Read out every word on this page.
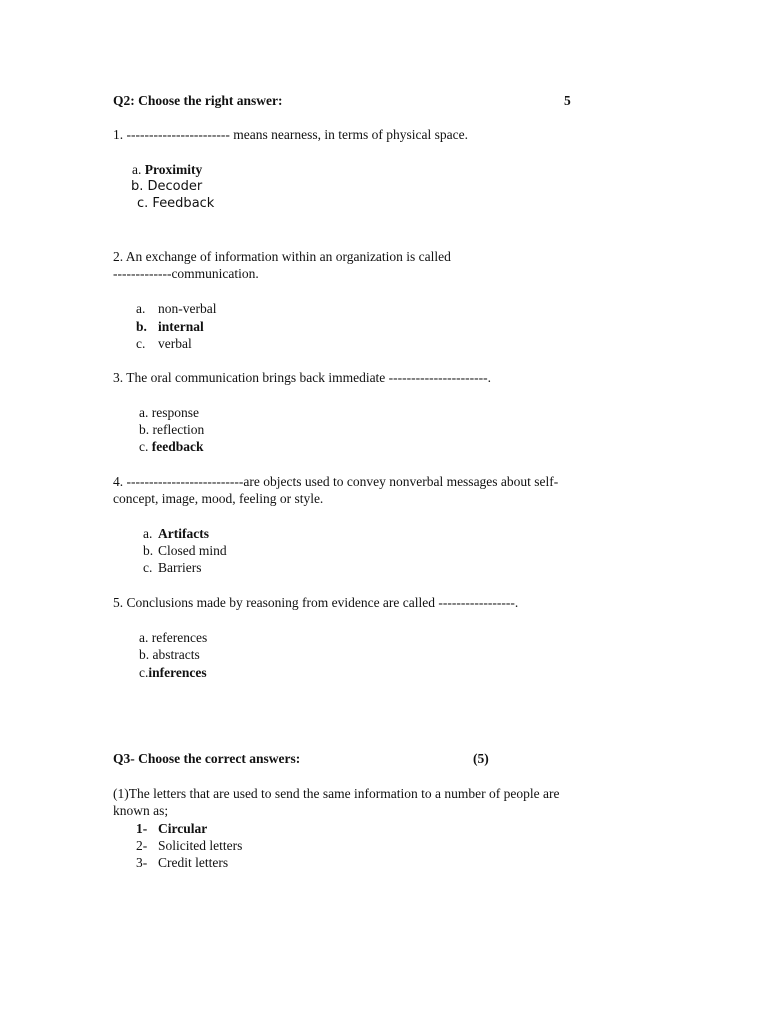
Q2: Choose the right answer:	5
1. ----------------------- means nearness, in terms of physical space.
a. Proximity
b. Decoder
c. Feedback
2. An exchange of information within an organization is called
-------------communication.
a. non-verbal
b. internal
c. verbal
3. The oral communication brings back immediate ----------------------.
a. response
b. reflection
c. feedback
4. --------------------------are objects used to convey nonverbal messages about self-
concept, image, mood, feeling or style.
a. Artifacts
b. Closed mind
c. Barriers
5. Conclusions made by reasoning from evidence are called -----------------.
a. references
b. abstracts
c.inferences
Q3- Choose the correct answers:	(5)
(1)The letters that are used to send the same information to a number of people are
known as;
1- Circular
2- Solicited letters
3- Credit letters
